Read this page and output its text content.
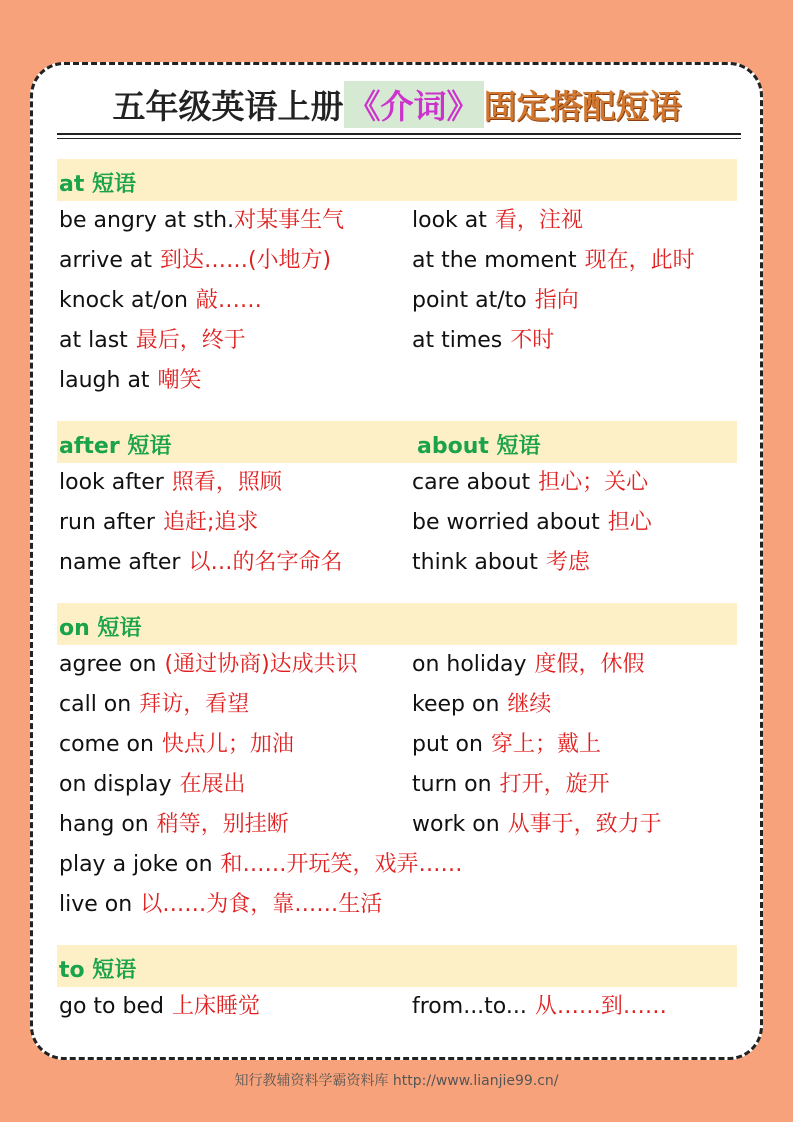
五年级英语上册 《介词》 固定搭配短语
at 短语
be angry at sth.对某事生气	look at 看，注视
arrive at 到达……(小地方)	at the moment 现在，此时
knock at/on 敲……	point at/to 指向
at last 最后，终于	at times 不时
laugh at 嘲笑
after 短语	about 短语
look after 照看，照顾	care about 担心；关心
run after 追赶;追求	be worried about 担心
name after 以…的名字命名	think about 考虑
on 短语
agree on (通过协商)达成共识 on holiday 度假，休假
call on 拜访，看望	keep on 继续
come on 快点儿；加油	put on 穿上；戴上
on display 在展出	turn on 打开，旋开
hang on 稍等，别挂断	work on 从事于，致力于
play a joke on 和……开玩笑，戏弄……
live on 以……为食，靠……生活
to 短语
go to bed 上床睡觉	from...to... 从……到……
知行教辅资料学霸资料库 http://www.lianjie99.cn/
